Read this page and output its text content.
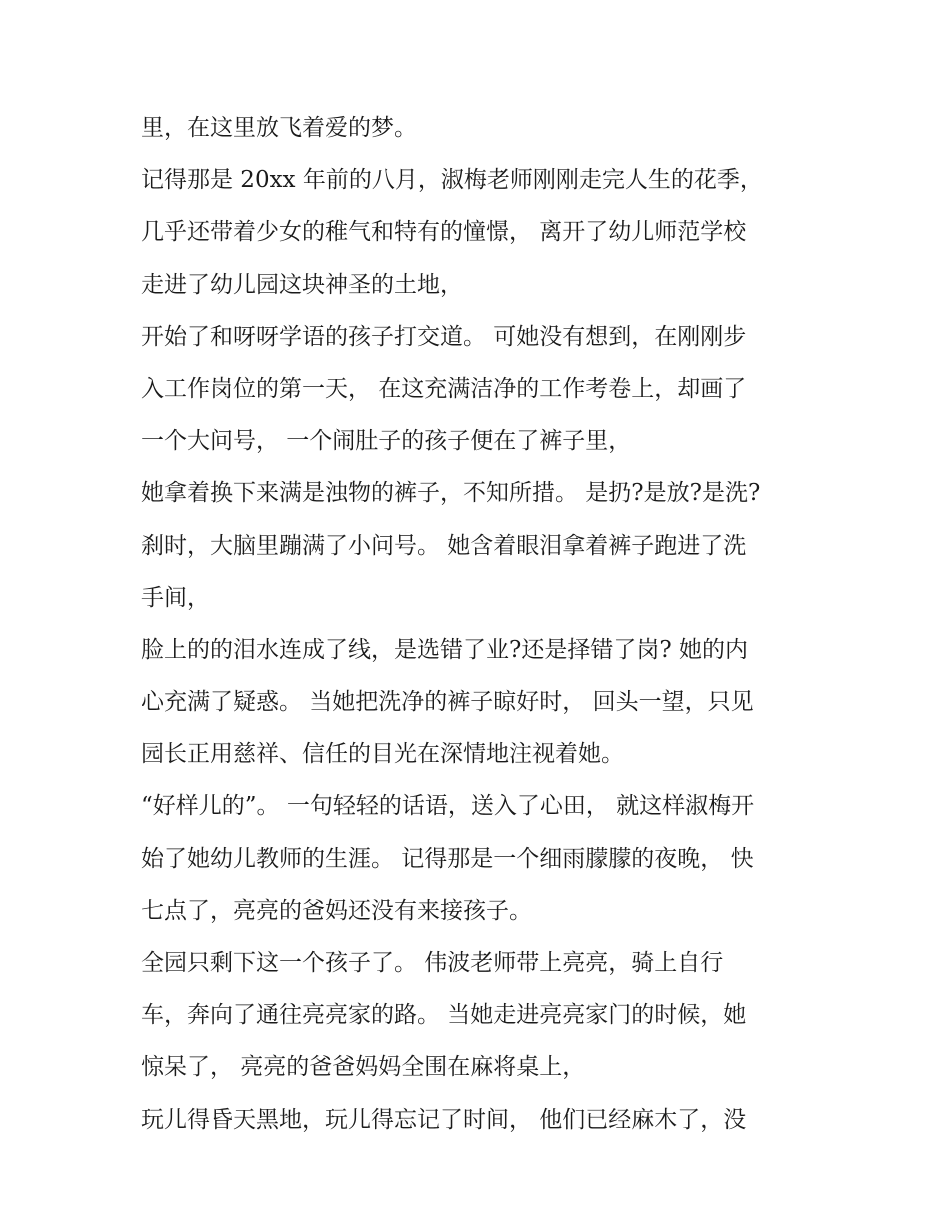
里，在这里放飞着爱的梦。
记得那是 20xx 年前的八月，淑梅老师刚刚走完人生的花季，
几乎还带着少女的稚气和特有的憧憬， 离开了幼儿师范学校
走进了幼儿园这块神圣的土地，
开始了和呀呀学语的孩子打交道。 可她没有想到，在刚刚步
入工作岗位的第一天， 在这充满洁净的工作考卷上，却画了
一个大问号， 一个闹肚子的孩子便在了裤子里，
她拿着换下来满是浊物的裤子，不知所措。 是扔?是放?是洗?
刹时，大脑里蹦满了小问号。 她含着眼泪拿着裤子跑进了洗
手间，
脸上的的泪水连成了线，是选错了业?还是择错了岗? 她的内
心充满了疑惑。 当她把洗净的裤子晾好时， 回头一望，只见
园长正用慈祥、信任的目光在深情地注视着她。
“好样儿的”。 一句轻轻的话语，送入了心田， 就这样淑梅开
始了她幼儿教师的生涯。 记得那是一个细雨朦朦的夜晚， 快
七点了，亮亮的爸妈还没有来接孩子。
全园只剩下这一个孩子了。 伟波老师带上亮亮，骑上自行
车，奔向了通往亮亮家的路。 当她走进亮亮家门的时候，她
惊呆了， 亮亮的爸爸妈妈全围在麻将桌上，
玩儿得昏天黑地，玩儿得忘记了时间， 他们已经麻木了，没
